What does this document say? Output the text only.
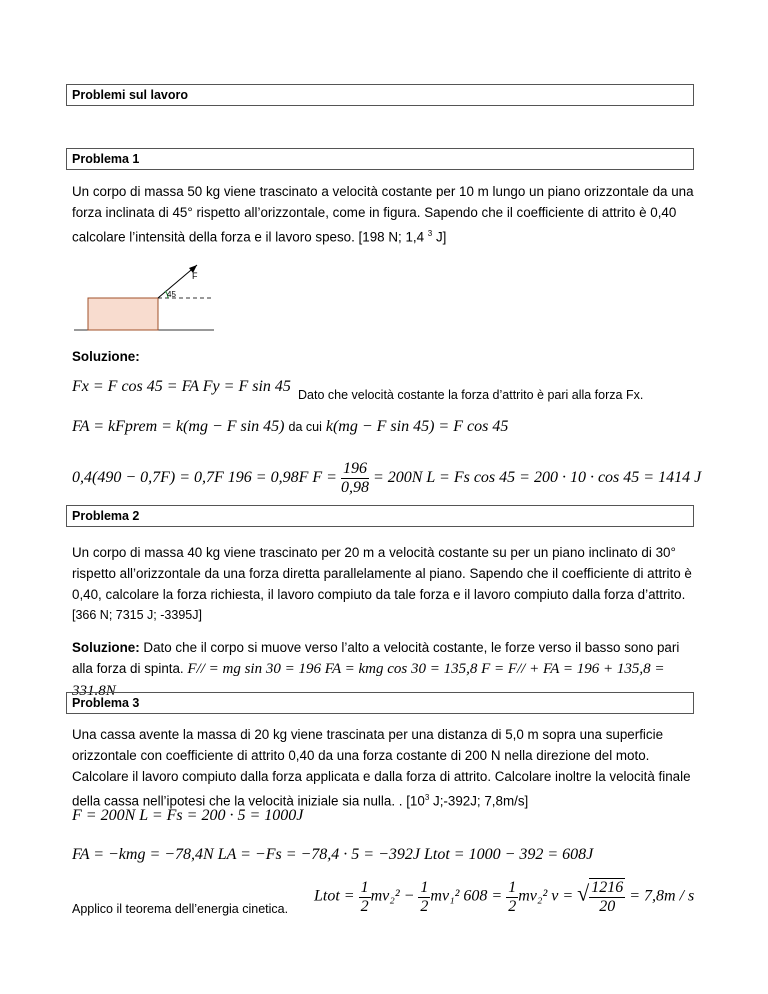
Problemi sul lavoro
Problema 1
Un corpo di massa 50 kg viene trascinato a velocità costante per 10 m lungo un piano orizzontale da una forza inclinata di 45° rispetto all’orizzontale, come in figura. Sapendo che il coefficiente di attrito è 0,40 calcolare l’intensità della forza e il lavoro speso. [198 N; 1,4 $^3$ J]
F
45
Soluzione:
Fx = F cos 45 = FA Fy = F sin 45 Dato che velocità costante la forza d’attrito è pari alla forza Fx.
FA = kFprem = k(mg − F sin 45) da cui k(mg − F sin 45) = F cos 45
0,4(490 − 0,7F) = 0,7F 196 = 0,98F $F = \frac{196}{0,98} = 200N$ L = Fs cos 45 = 200 · 10 · cos 45 = 1414 J
Problema 2
Un corpo di massa 40 kg viene trascinato per 20 m a velocità costante su per un piano inclinato di 30° rispetto all’orizzontale da una forza diretta parallelamente al piano. Sapendo che il coefficiente di attrito è 0,40, calcolare la forza richiesta, il lavoro compiuto da tale forza e il lavoro compiuto dalla forza d’attrito.
[366 N; 7315 J; -3395J]
Soluzione: Dato che il corpo si muove verso l’alto a velocità costante, le forze verso il basso sono pari alla forza di spinta. F// = mg sin 30 = 196 FA = kmg cos 30 = 135,8 F = F// + FA = 196 + 135,8 = 331.8N
Problema 3
Una cassa avente la massa di 20 kg viene trascinata per una distanza di 5,0 m sopra una superficie orizzontale con coefficiente di attrito 0,40 da una forza costante di 200 N nella direzione del moto. Calcolare il lavoro compiuto dalla forza applicata e dalla forza di attrito. Calcolare inoltre la velocità finale della cassa nell’ipotesi che la velocità iniziale sia nulla. . [$10^3$ J;-392J; 7,8m/s]
F = 200N L = Fs = 200 · 5 = 1000J
FA = −kmg = −78,4N LA = −Fs = −78,4 · 5 = −392J Ltot = 1000 − 392 = 608J
Applico il teorema dell’energia cinetica.
Ltot = $\frac{1}{2} mv_2^2 - \frac{1}{2} mv_1^2$ $608 = \frac{1}{2} mv_2^2$ v = √ $\frac{1216}{20} = 7,8m / s$
